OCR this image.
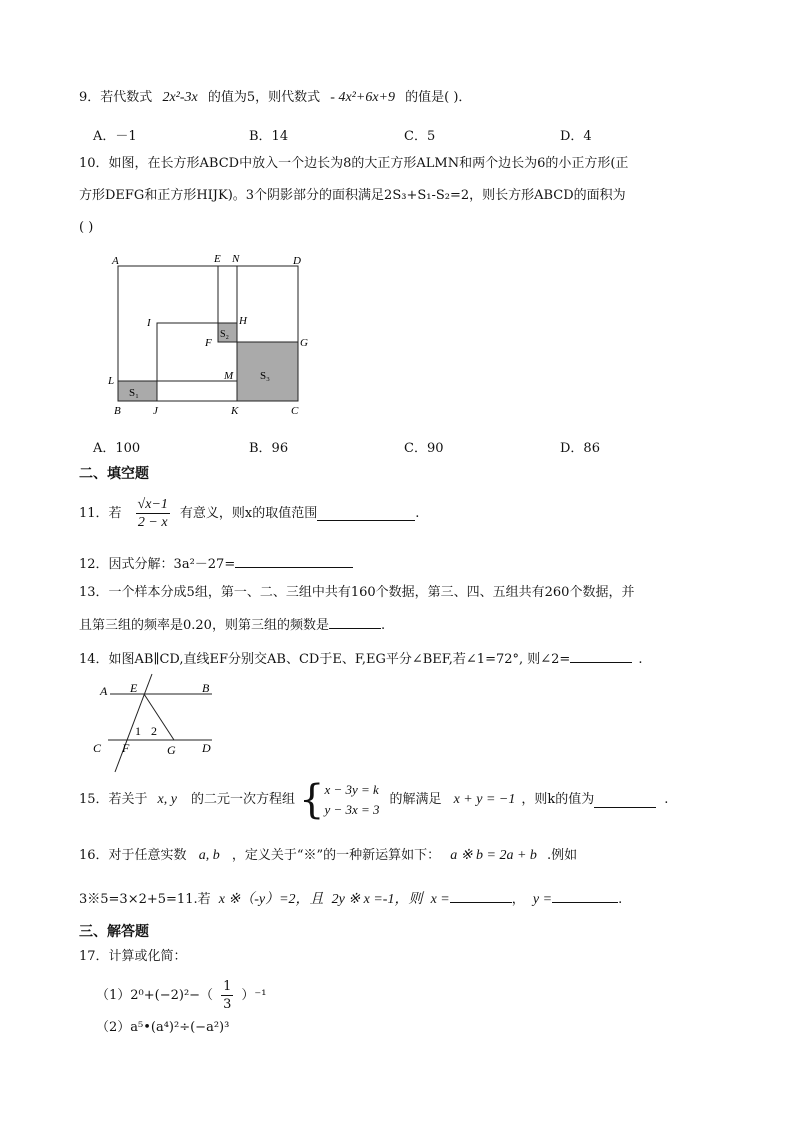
9．若代数式 2x²-3x 的值为5，则代数式 - 4x²+6x+9 的值是( )．
A．－1	B．14	C．5	D．4
10．如图，在长方形ABCD中放入一个边长为8的大正方形ALMN和两个边长为6的小正方形(正
方形DEFG和正方形HIJK)。3个阴影部分的面积满足2S₃+S₁-S₂=2，则长方形ABCD的面积为
( )
A	E N	D
I	H
F	G
L	M
B	J	K	C
S₁
S₂
S₃
A．100	B．96	C．90	D．86
二、填空题
11．若 $\frac{√x-1}{2 - x}$ 有意义，则x的取值范围	.
12．因式分解：3a²－27=
13．一个样本分成5组，第一、二、三组中共有160个数据，第三、四、五组共有260个数据，并
且第三组的频率是0.20，则第三组的频数是	.
14．如图AB∥CD,直线EF分别交AB、CD于E、F,EG平分∠BEF,若∠1=72°, 则∠2=	.
A E	B
1 2
C F	G D
15．若关于 x, y 的二元一次方程组 { x − 3y = k
y − 3x = 3
的解满足 x + y = −1 ，则k的值为	.
16．对于任意实数 a, b ，定义关于“※”的一种新运算如下： a ※ b = 2a + b .例如
3※5=3×2+5=11.若 x ※（-y）=2，且 2y ※ x =-1，则 x =	， y =	.
三、解答题
17．计算或化简：
$(1)2^0+(-2)^2-( \frac{1}{3} )^{-1}$
（2）a⁵•(a⁴)²÷(−a²)³
